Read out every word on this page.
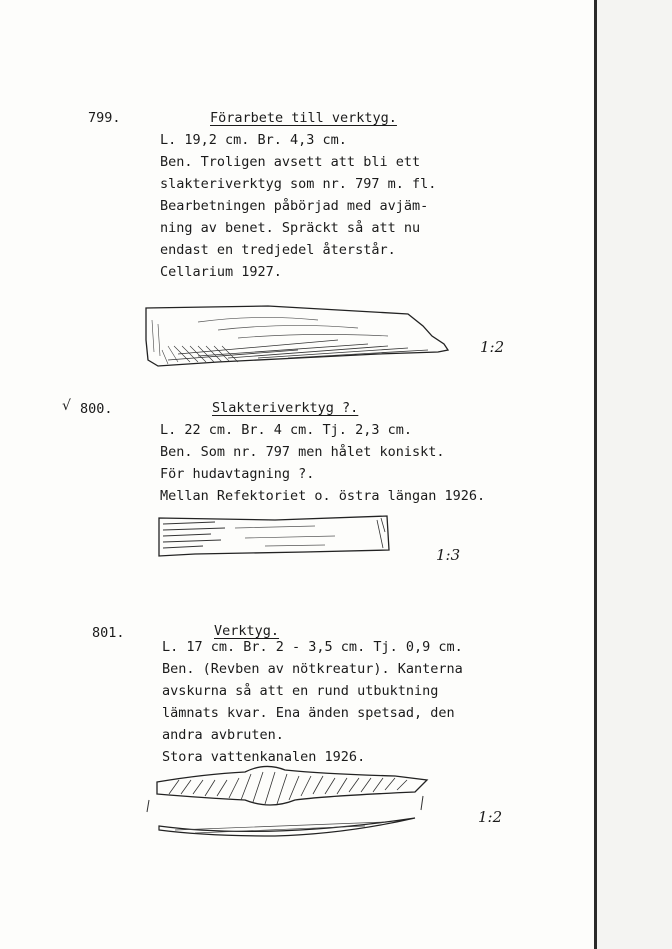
799.	Förarbete till verktyg.
L. 19,2 cm. Br. 4,3 cm.
Ben. Troligen avsett att bli ett
slakteriverktyg som nr. 797 m. fl.
Bearbetningen påbörjad med avjäm-
ning av benet. Spräckt så att nu
endast en tredjedel återstår.
Cellarium 1927.
1:2
√ 800.	Slakteriverktyg ?.
L. 22 cm. Br. 4 cm. Tj. 2,3 cm.
Ben. Som nr. 797 men hålet koniskt.
För hudavtagning ?.
Mellan Refektoriet o. östra längan 1926.
1:3
801.	Verktyg.
L. 17 cm. Br. 2 - 3,5 cm. Tj. 0,9 cm.
Ben. (Revben av nötkreatur). Kanterna
avskurna så att en rund utbuktning
lämnats kvar. Ena änden spetsad, den
andra avbruten.
Stora vattenkanalen 1926.
1:2
